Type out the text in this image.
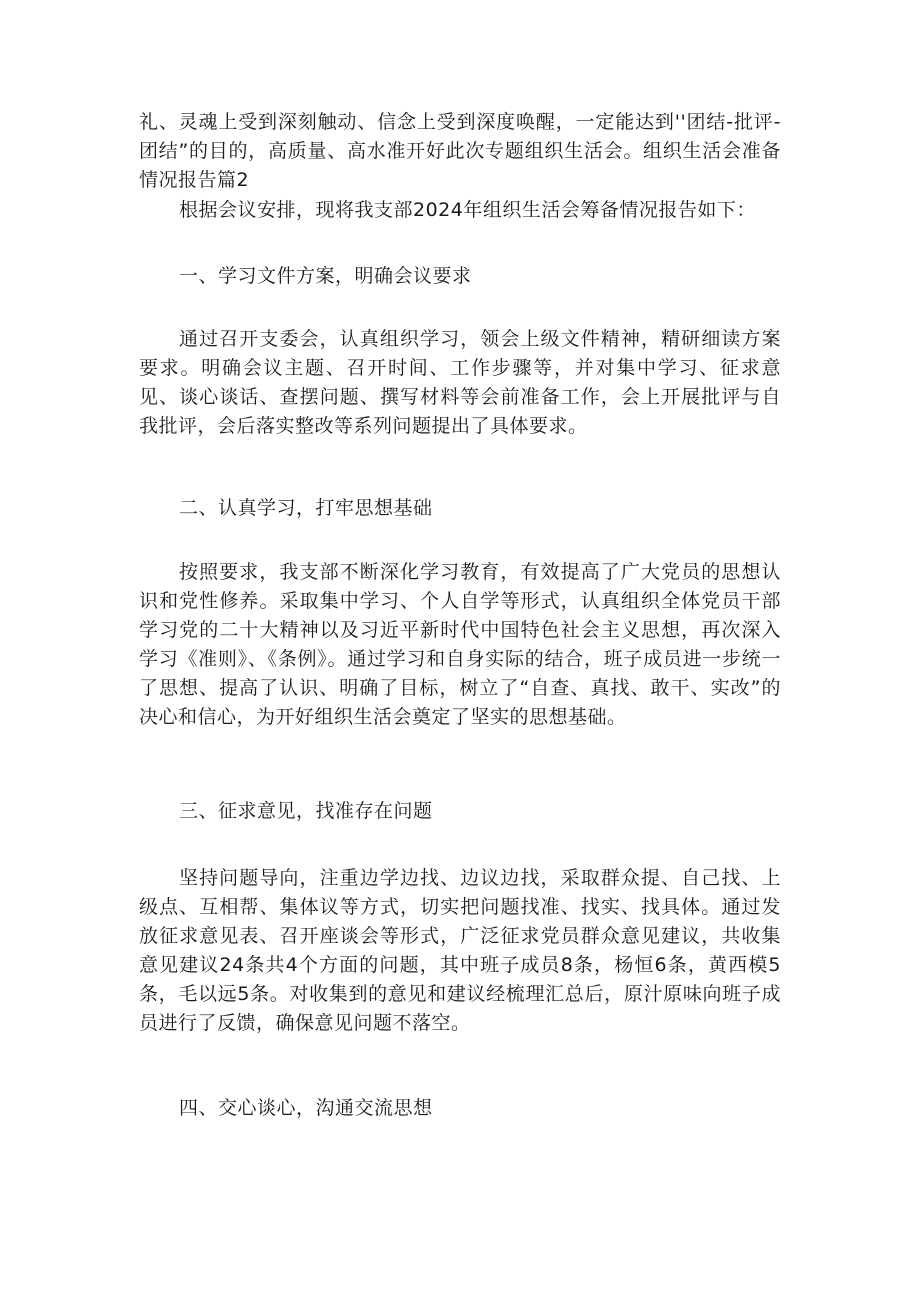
礼、灵魂上受到深刻触动、信念上受到深度唤醒，一定能达到''团结-批评-团结”的目的，高质量、高水准开好此次专题组织生活会。组织生活会准备情况报告篇2

根据会议安排，现将我支部2024年组织生活会筹备情况报告如下：

一、学习文件方案，明确会议要求

通过召开支委会，认真组织学习，领会上级文件精神，精研细读方案要求。明确会议主题、召开时间、工作步骤等，并对集中学习、征求意见、谈心谈话、查摆问题、撰写材料等会前准备工作，会上开展批评与自我批评，会后落实整改等系列问题提出了具体要求。

二、认真学习，打牢思想基础

按照要求，我支部不断深化学习教育，有效提高了广大党员的思想认识和党性修养。采取集中学习、个人自学等形式，认真组织全体党员干部学习党的二十大精神以及习近平新时代中国特色社会主义思想，再次深入学习《准则》、《条例》。通过学习和自身实际的结合，班子成员进一步统一了思想、提高了认识、明确了目标，树立了“自查、真找、敢干、实改”的决心和信心，为开好组织生活会奠定了坚实的思想基础。

三、征求意见，找准存在问题

坚持问题导向，注重边学边找、边议边找，采取群众提、自己找、上级点、互相帮、集体议等方式，切实把问题找准、找实、找具体。通过发放征求意见表、召开座谈会等形式，广泛征求党员群众意见建议，共收集意见建议24条共4个方面的问题，其中班子成员8条，杨恒6条，黄西模5条，毛以远5条。对收集到的意见和建议经梳理汇总后，原汁原味向班子成员进行了反馈，确保意见问题不落空。

四、交心谈心，沟通交流思想
